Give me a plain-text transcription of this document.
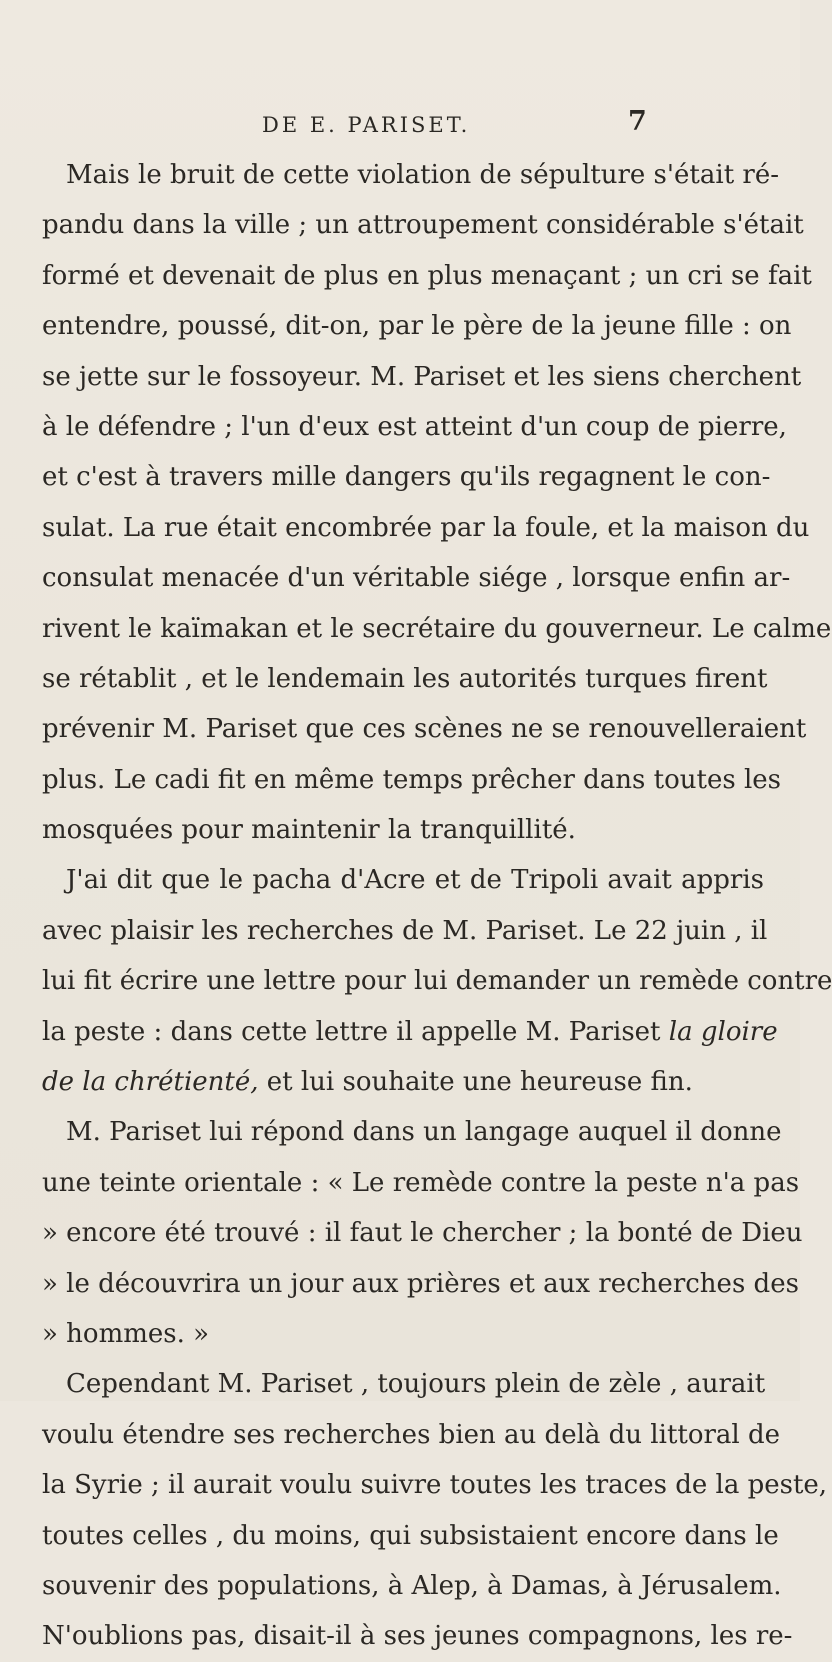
DE E. PARISET.	7
Mais le bruit de cette violation de sépulture s'était ré-
pandu dans la ville ; un attroupement considérable s'était
formé et devenait de plus en plus menaçant ; un cri se fait
entendre, poussé, dit-on, par le père de la jeune fille : on
se jette sur le fossoyeur. M. Pariset et les siens cherchent
à le défendre ; l'un d'eux est atteint d'un coup de pierre,
et c'est à travers mille dangers qu'ils regagnent le con-
sulat. La rue était encombrée par la foule, et la maison du
consulat menacée d'un véritable siége , lorsque enfin ar-
rivent le kaïmakan et le secrétaire du gouverneur. Le calme
se rétablit , et le lendemain les autorités turques firent
prévenir M. Pariset que ces scènes ne se renouvelleraient
plus. Le cadi fit en même temps prêcher dans toutes les
mosquées pour maintenir la tranquillité.
J'ai dit que le pacha d'Acre et de Tripoli avait appris
avec plaisir les recherches de M. Pariset. Le 22 juin , il
lui fit écrire une lettre pour lui demander un remède contre
la peste : dans cette lettre il appelle M. Pariset la gloire
de la chrétienté, et lui souhaite une heureuse fin.
M. Pariset lui répond dans un langage auquel il donne
une teinte orientale : « Le remède contre la peste n'a pas
» encore été trouvé : il faut le chercher ; la bonté de Dieu
» le découvrira un jour aux prières et aux recherches des
» hommes. »
Cependant M. Pariset , toujours plein de zèle , aurait
voulu étendre ses recherches bien au delà du littoral de
la Syrie ; il aurait voulu suivre toutes les traces de la peste,
toutes celles , du moins, qui subsistaient encore dans le
souvenir des populations, à Alep, à Damas, à Jérusalem.
N'oublions pas, disait-il à ses jeunes compagnons, les re-
